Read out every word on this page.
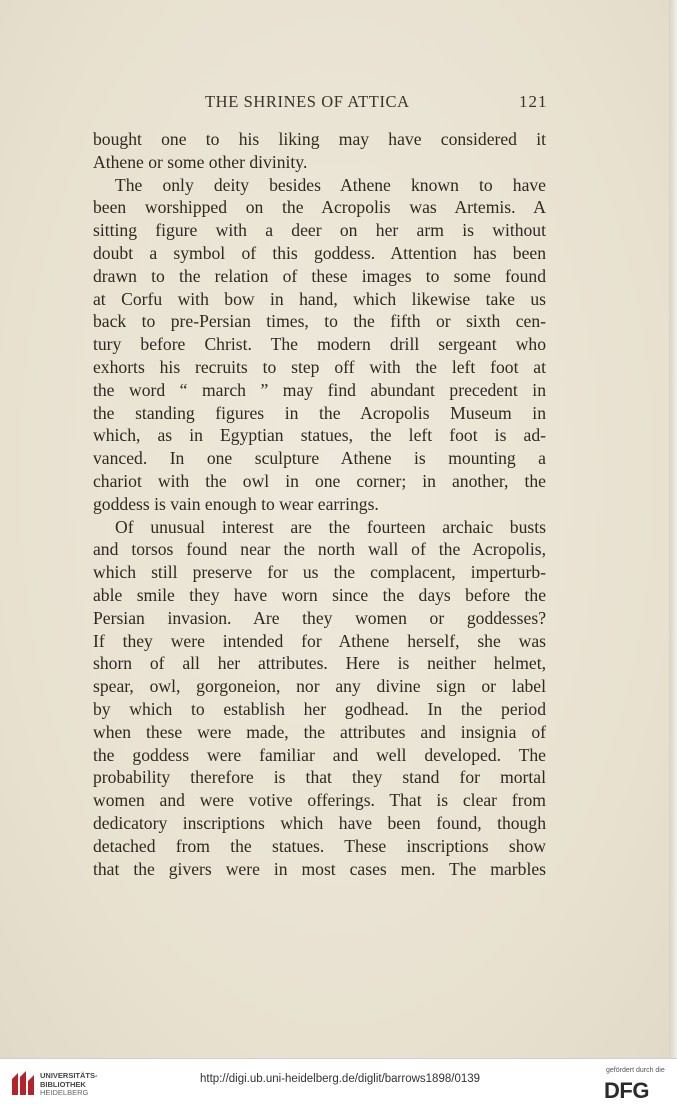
THE SHRINES OF ATTICA	121

bought one to his liking may have considered it

Athene or some other divinity.

The only deity besides Athene known to have

been worshipped on the Acropolis was Artemis. A

sitting figure with a deer on her arm is without

doubt a symbol of this goddess. Attention has been

drawn to the relation of these images to some found

at Corfu with bow in hand, which likewise take us

back to pre-Persian times, to the fifth or sixth cen-

tury before Christ. The modern drill sergeant who

exhorts his recruits to step off with the left foot at

the word “ march ” may find abundant precedent in

the standing figures in the Acropolis Museum in

which, as in Egyptian statues, the left foot is ad-

vanced. In one sculpture Athene is mounting a

chariot with the owl in one corner; in another, the

goddess is vain enough to wear earrings.

Of unusual interest are the fourteen archaic busts

and torsos found near the north wall of the Acropolis,

which still preserve for us the complacent, imperturb-

able smile they have worn since the days before the

Persian invasion. Are they women or goddesses?

If they were intended for Athene herself, she was

shorn of all her attributes. Here is neither helmet,

spear, owl, gorgoneion, nor any divine sign or label

by which to establish her godhead. In the period

when these were made, the attributes and insignia of

the goddess were familiar and well developed. The

probability therefore is that they stand for mortal

women and were votive offerings. That is clear from

dedicatory inscriptions which have been found, though

detached from the statues. These inscriptions show

that the givers were in most cases men. The marbles

UNIVERSITÄTS-
BIBLIOTHEK
HEIDELBERG
http://digi.ub.uni-heidelberg.de/diglit/barrows1898/0139
gefördert durch die
DFG
